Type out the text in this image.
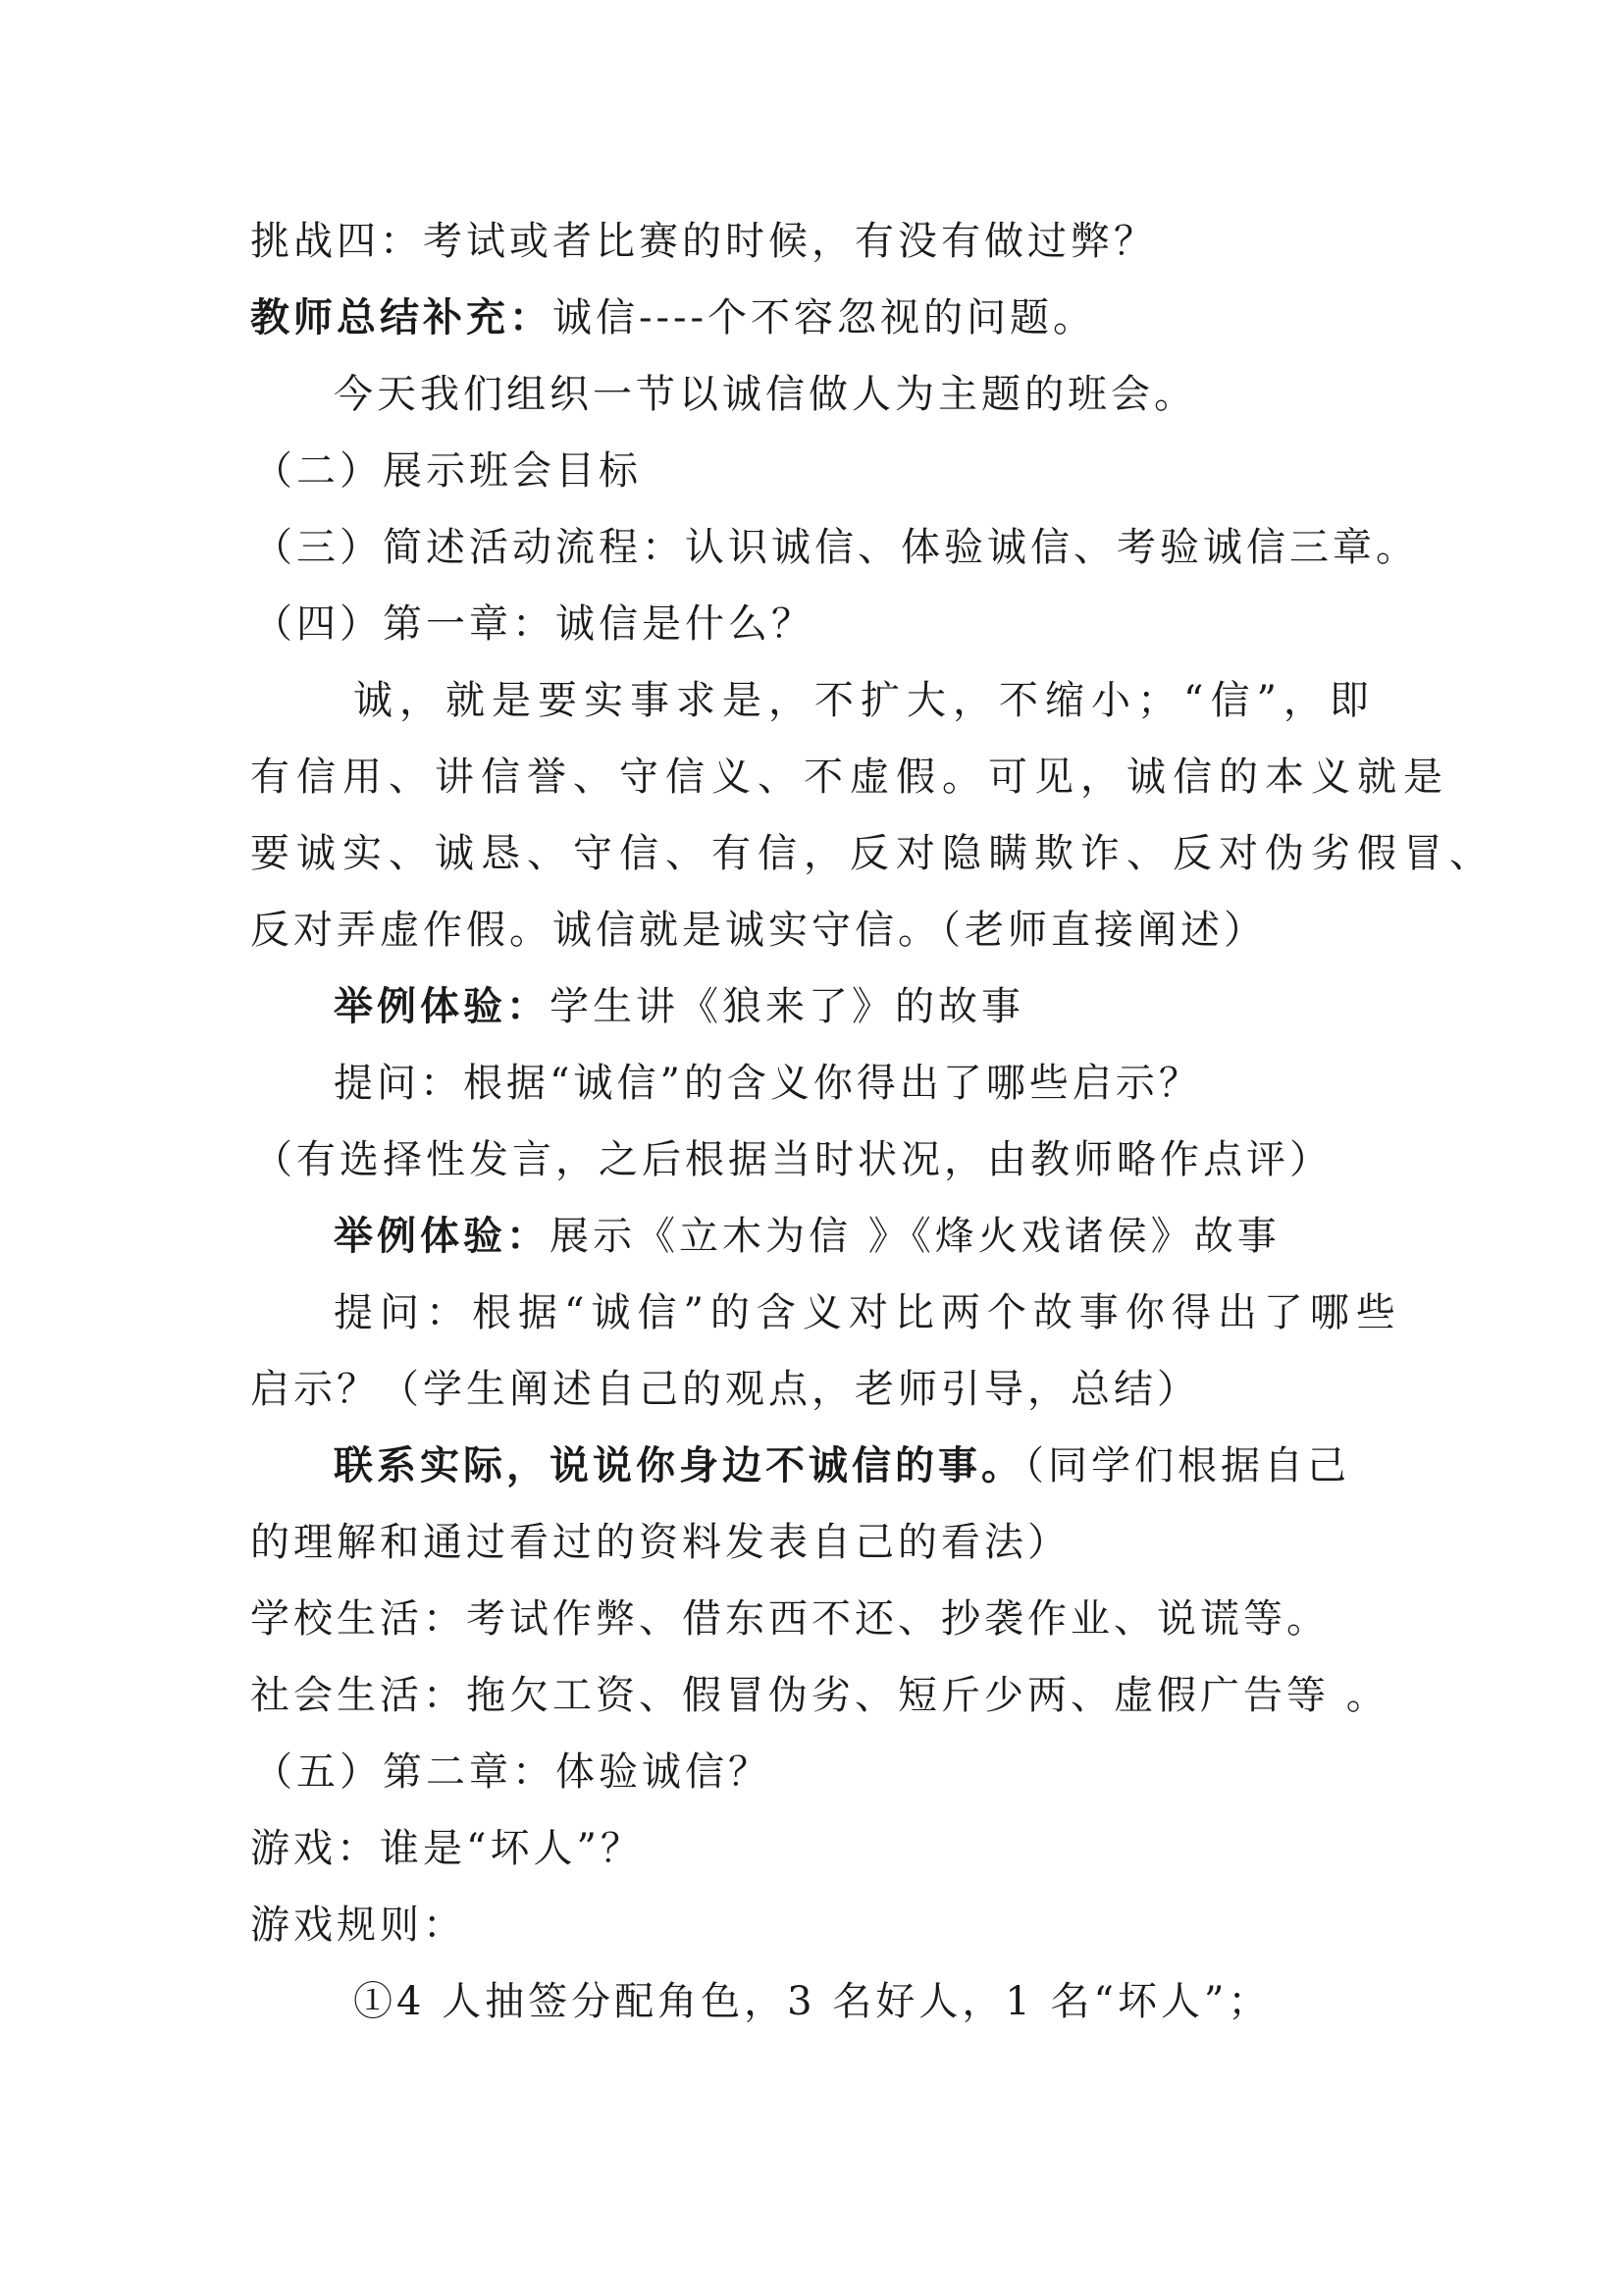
挑战四：考试或者比赛的时候，有没有做过弊？
教师总结补充：诚信----个不容忽视的问题。
今天我们组织一节以诚信做人为主题的班会。
（二）展示班会目标
（三）简述活动流程：认识诚信、体验诚信、考验诚信三章。
（四）第一章：诚信是什么？
诚，就是要实事求是，不扩大，不缩小；“信”，即
有信用、讲信誉、守信义、不虚假。可见，诚信的本义就是
要诚实、诚恳、守信、有信，反对隐瞒欺诈、反对伪劣假冒、
反对弄虚作假。诚信就是诚实守信。（老师直接阐述）
举例体验：学生讲《狼来了》的故事
提问：根据“诚信”的含义你得出了哪些启示？
（有选择性发言，之后根据当时状况，由教师略作点评）
举例体验：展示《立木为信 》《烽火戏诸侯》故事
提问：根据“诚信”的含义对比两个故事你得出了哪些
启示？（学生阐述自己的观点，老师引导，总结）
联系实际，说说你身边不诚信的事。（同学们根据自己
的理解和通过看过的资料发表自己的看法）
学校生活：考试作弊、借东西不还、抄袭作业、说谎等。
社会生活：拖欠工资、假冒伪劣、短斤少两、虚假广告等 。
（五）第二章：体验诚信？
游戏：谁是“坏人”？
游戏规则：
①4 人抽签分配角色，3 名好人，1 名“坏人”；
